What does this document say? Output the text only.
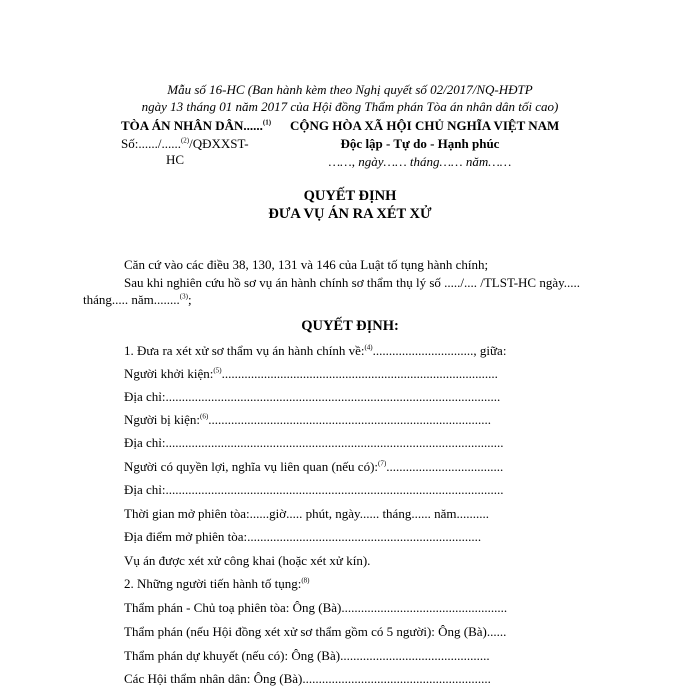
Mẫu số 16-HC (Ban hành kèm theo Nghị quyết số 02/2017/NQ-HĐTP
ngày 13 tháng 01 năm 2017 của Hội đồng Thẩm phán Tòa án nhân dân tối cao)
TÒA ÁN NHÂN DÂN......$^{(1)}$
Số:....../......$^{(2)}$/QĐXXST-
HC
CỘNG HÒA XÃ HỘI CHỦ NGHĨA VIỆT NAM
Độc lập - Tự do - Hạnh phúc
……, ngày…… tháng…… năm……
QUYẾT ĐỊNH
ĐƯA VỤ ÁN RA XÉT XỬ
Căn cứ vào các điều 38, 130, 131 và 146 của Luật tố tụng hành chính;
Sau khi nghiên cứu hồ sơ vụ án hành chính sơ thẩm thụ lý số ...../.... /TLST-HC ngày.....
tháng..... năm........$^{(3)}$;
QUYẾT ĐỊNH:
1. Đưa ra xét xử sơ thẩm vụ án hành chính về:$^{(4)}$..............................., giữa:
Người khởi kiện:$^{(5)}$.....................................................................................
Địa chỉ:.......................................................................................................
Người bị kiện:$^{(6)}$.......................................................................................
Địa chỉ:........................................................................................................
Người có quyền lợi, nghĩa vụ liên quan (nếu có):$^{(7)}$....................................
Địa chỉ:........................................................................................................
Thời gian mở phiên tòa:......giờ..... phút, ngày...... tháng...... năm..........
Địa điểm mở phiên tòa:........................................................................
Vụ án được xét xử công khai (hoặc xét xử kín).
2. Những người tiến hành tố tụng:$^{(8)}$
Thẩm phán - Chủ toạ phiên tòa: Ông (Bà)...................................................
Thẩm phán (nếu Hội đồng xét xử sơ thẩm gồm có 5 người): Ông (Bà)......
Thẩm phán dự khuyết (nếu có): Ông (Bà)..............................................
Các Hội thẩm nhân dân: Ông (Bà)..........................................................
